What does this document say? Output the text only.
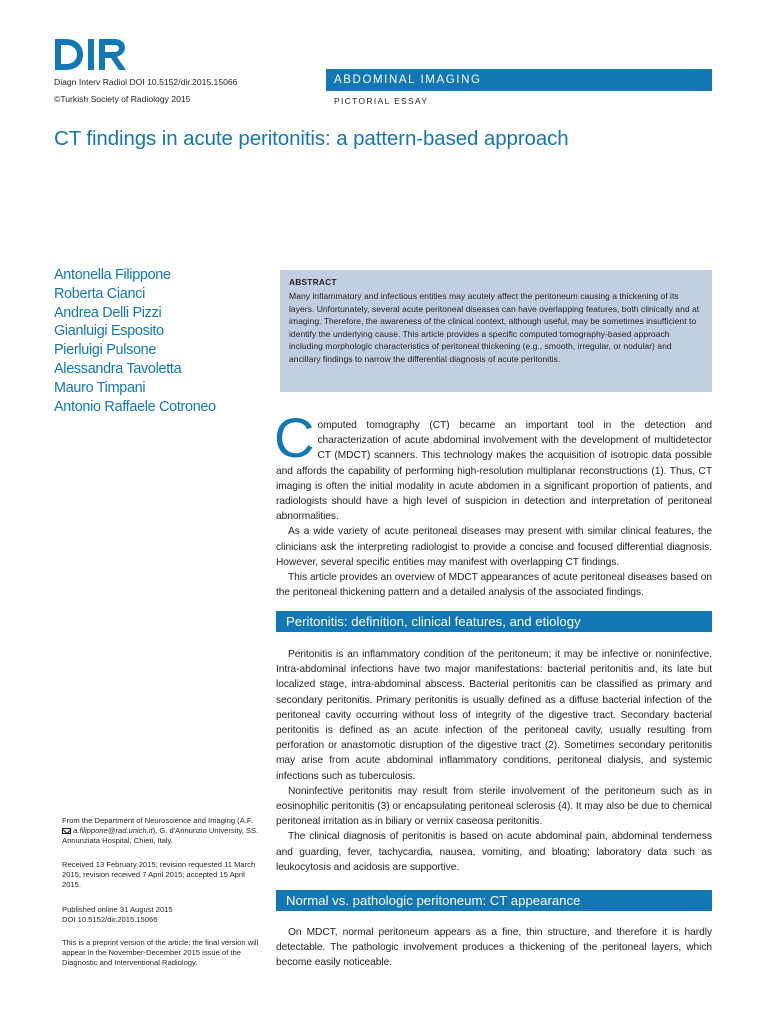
Diagn Interv Radiol DOI 10.5152/dir.2015.15066
©Turkish Society of Radiology 2015
ABDOMINAL IMAGING
PICTORIAL ESSAY
CT findings in acute peritonitis: a pattern-based approach
Antonella Filippone
Roberta Cianci
Andrea Delli Pizzi
Gianluigi Esposito
Pierluigi Pulsone
Alessandra Tavoletta
Mauro Timpani
Antonio Raffaele Cotroneo
ABSTRACT

Many inflammatory and infectious entities may acutely affect the peritoneum causing a thickening of its layers. Unfortunately, several acute peritoneal diseases can have overlapping features, both clinically and at imaging. Therefore, the awareness of the clinical context, although useful, may be sometimes insufficient to identify the underlying cause. This article provides a specific computed tomography-based approach including morphologic characteristics of peritoneal thickening (e.g., smooth, irregular, or nodular) and ancillary findings to narrow the differential diagnosis of acute peritonitis.

C omputed tomography (CT) became an important tool in the detection and characterization of acute abdominal involvement with the development of multidetector CT (MDCT) scanners. This technology makes the acquisition of isotropic data possible and affords the capability of performing high-resolution multiplanar reconstructions (1). Thus, CT imaging is often the initial modality in acute abdomen in a significant proportion of patients, and radiologists should have a high level of suspicion in detection and interpretation of peritoneal abnormalities.

As a wide variety of acute peritoneal diseases may present with similar clinical features, the clinicians ask the interpreting radiologist to provide a concise and focused differential diagnosis. However, several specific entities may manifest with overlapping CT findings.

This article provides an overview of MDCT appearances of acute peritoneal diseases based on the peritoneal thickening pattern and a detailed analysis of the associated findings.

Peritonitis: definition, clinical features, and etiology

Peritonitis is an inflammatory condition of the peritoneum; it may be infective or noninfective. Intra-abdominal infections have two major manifestations: bacterial peritonitis and, its late but localized stage, intra-abdominal abscess. Bacterial peritonitis can be classified as primary and secondary peritonitis. Primary peritonitis is usually defined as a diffuse bacterial infection of the peritoneal cavity occurring without loss of integrity of the digestive tract. Secondary bacterial peritonitis is defined as an acute infection of the peritoneal cavity, usually resulting from perforation or anastomotic disruption of the digestive tract (2). Sometimes secondary peritonitis may arise from acute abdominal inflammatory conditions, peritoneal dialysis, and systemic infections such as tuberculosis.

Noninfective peritonitis may result from sterile involvement of the peritoneum such as in eosinophilic peritonitis (3) or encapsulating peritoneal sclerosis (4). It may also be due to chemical peritoneal irritation as in biliary or vernix caseosa peritonitis.

The clinical diagnosis of peritonitis is based on acute abdominal pain, abdominal tenderness and guarding, fever, tachycardia, nausea, vomiting, and bloating; laboratory data such as leukocytosis and acidosis are supportive.

Normal vs. pathologic peritoneum: CT appearance

On MDCT, normal peritoneum appears as a fine, thin structure, and therefore it is hardly detectable. The pathologic involvement produces a thickening of the peritoneal layers, which become easily noticeable.

From the Department of Neuroscience and Imaging (A.F.  a.filippone@rad.unich.it), G. d'Annunzio University, SS. Annunziata Hospital, Chieti, Italy.

Received 13 February 2015; revision requested 11 March 2015; revision received 7 April 2015; accepted 15 April 2015.

Published online 31 August 2015

DOI 10.5152/dir.2015.15066

This is a preprint version of the article; the final version will appear in the November-December 2015 issue of the Diagnostic and Interventional Radiology.
